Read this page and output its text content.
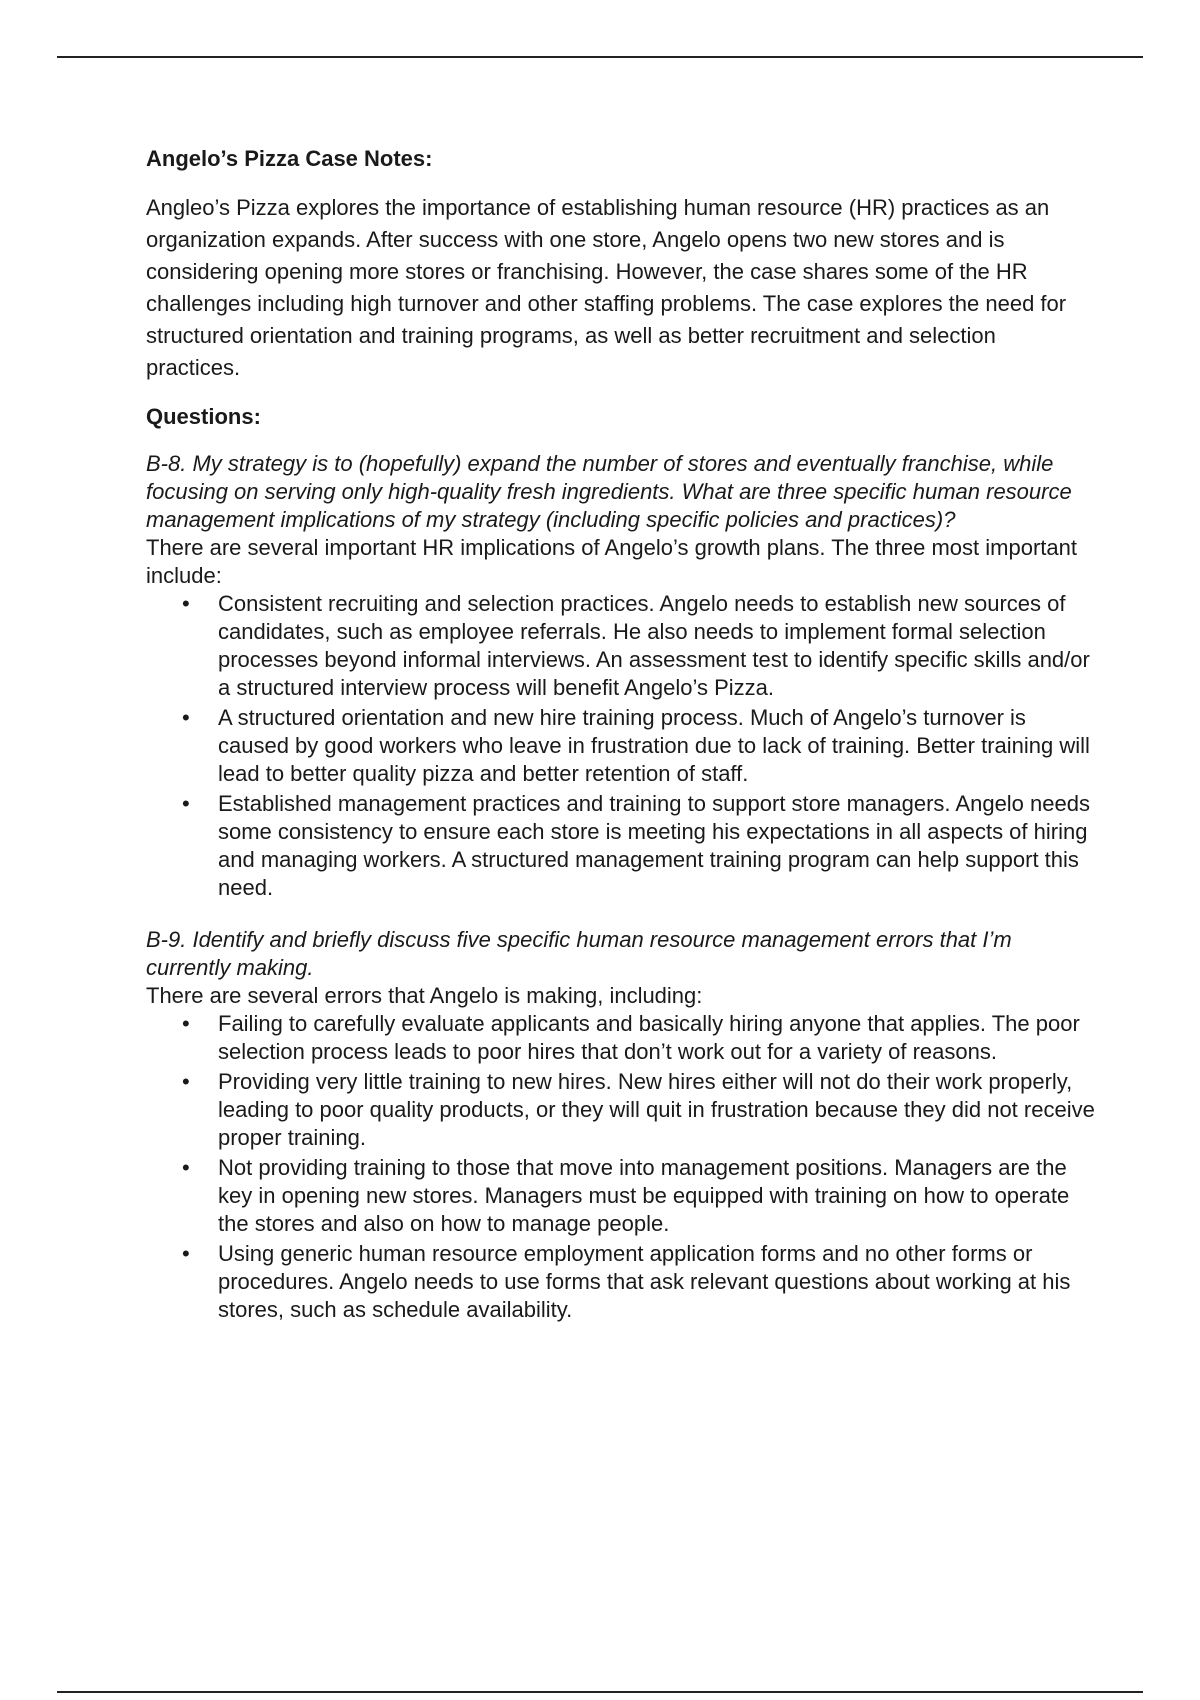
Angelo’s Pizza Case Notes:

Angleo’s Pizza explores the importance of establishing human resource (HR) practices as an organization expands. After success with one store, Angelo opens two new stores and is considering opening more stores or franchising. However, the case shares some of the HR challenges including high turnover and other staffing problems. The case explores the need for structured orientation and training programs, as well as better recruitment and selection practices.

Questions:

B-8. My strategy is to (hopefully) expand the number of stores and eventually franchise, while focusing on serving only high-quality fresh ingredients. What are three specific human resource management implications of my strategy (including specific policies and practices)?

There are several important HR implications of Angelo’s growth plans. The three most important include:

• Consistent recruiting and selection practices. Angelo needs to establish new sources of candidates, such as employee referrals. He also needs to implement formal selection processes beyond informal interviews. An assessment test to identify specific skills and/or a structured interview process will benefit Angelo’s Pizza.
• A structured orientation and new hire training process. Much of Angelo’s turnover is caused by good workers who leave in frustration due to lack of training. Better training will lead to better quality pizza and better retention of staff.
• Established management practices and training to support store managers. Angelo needs some consistency to ensure each store is meeting his expectations in all aspects of hiring and managing workers. A structured management training program can help support this need.

B-9. Identify and briefly discuss five specific human resource management errors that I’m currently making.

There are several errors that Angelo is making, including:

• Failing to carefully evaluate applicants and basically hiring anyone that applies. The poor selection process leads to poor hires that don’t work out for a variety of reasons.
• Providing very little training to new hires. New hires either will not do their work properly, leading to poor quality products, or they will quit in frustration because they did not receive proper training.
• Not providing training to those that move into management positions. Managers are the key in opening new stores. Managers must be equipped with training on how to operate the stores and also on how to manage people.
• Using generic human resource employment application forms and no other forms or procedures. Angelo needs to use forms that ask relevant questions about working at his stores, such as schedule availability.
